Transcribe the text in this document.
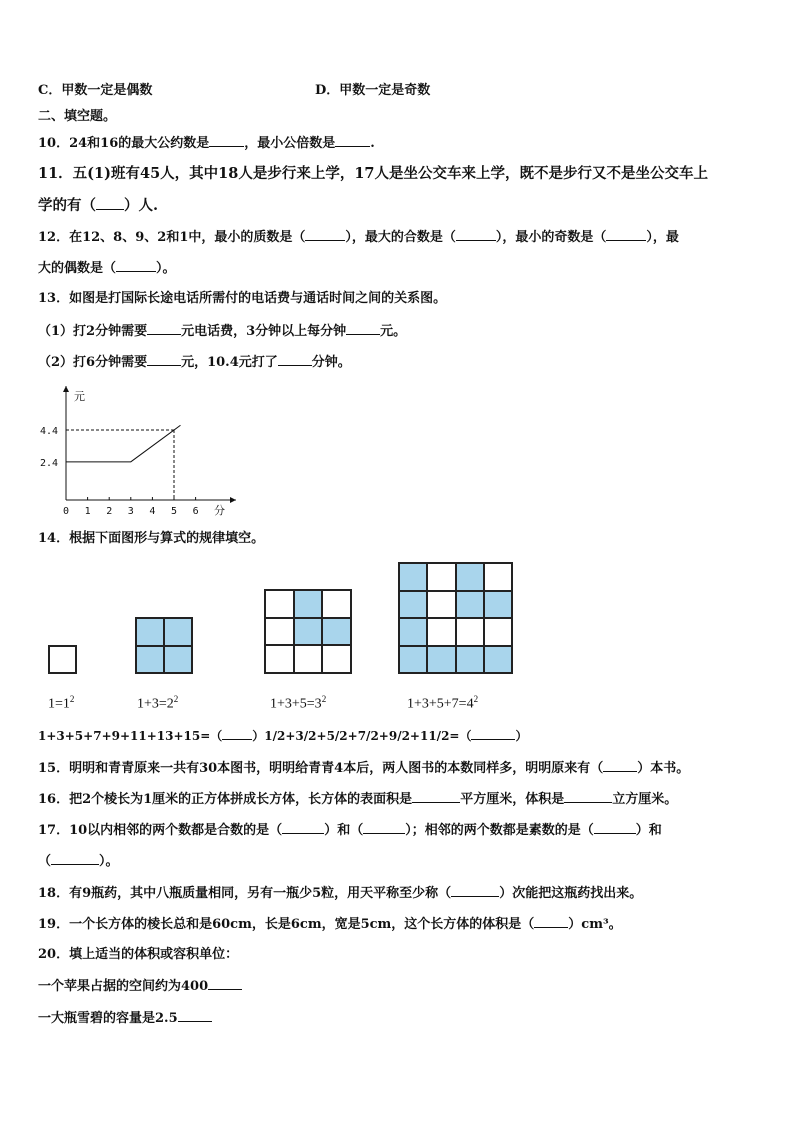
C．甲数一定是偶数	D．甲数一定是奇数
二、填空题。
10．24和16的最大公约数是	，最小公倍数是	.
11．五(1)班有45人，其中18人是步行来上学，17人是坐公交车来上学，既不是步行又不是坐公交车上
学的有（ ）人.
12．在12、8、9、2和1中，最小的质数是（	），最大的合数是（	），最小的奇数是（	），最
大的偶数是（	）。
13．如图是打国际长途电话所需付的电话费与通话时间之间的关系图。
（1）打2分钟需要	元电话费，3分钟以上每分钟	元。
（2）打6分钟需要	元，10.4元打了	分钟。
元
分
0 1 2 3 4 5 6
2.4
4.4
14．根据下面图形与算式的规律填空。
$1=1^2$	$1+3=2^2$	$1+3+5=3^2$	$1+3+5+7=4^2$
1+3+5+7+9+11+13+15=（	）1/2+3/2+5/2+7/2+9/2+11/2=（	）
15．明明和青青原来一共有30本图书，明明给青青4本后，两人图书的本数同样多，明明原来有（	）本书。
16．把2个棱长为1厘米的正方体拼成长方体，长方体的表面积是	平方厘米，体积是	立方厘米。
17．10以内相邻的两个数都是合数的是（	）和（	）；相邻的两个数都是素数的是（	）和
（	）。
18．有9瓶药，其中八瓶质量相同，另有一瓶少5粒，用天平称至少称（	）次能把这瓶药找出来。
19．一个长方体的棱长总和是60cm，长是6cm，宽是5cm，这个长方体的体积是（	）cm³。
20．填上适当的体积或容积单位：
一个苹果占据的空间约为400
一大瓶雪碧的容量是2.5
